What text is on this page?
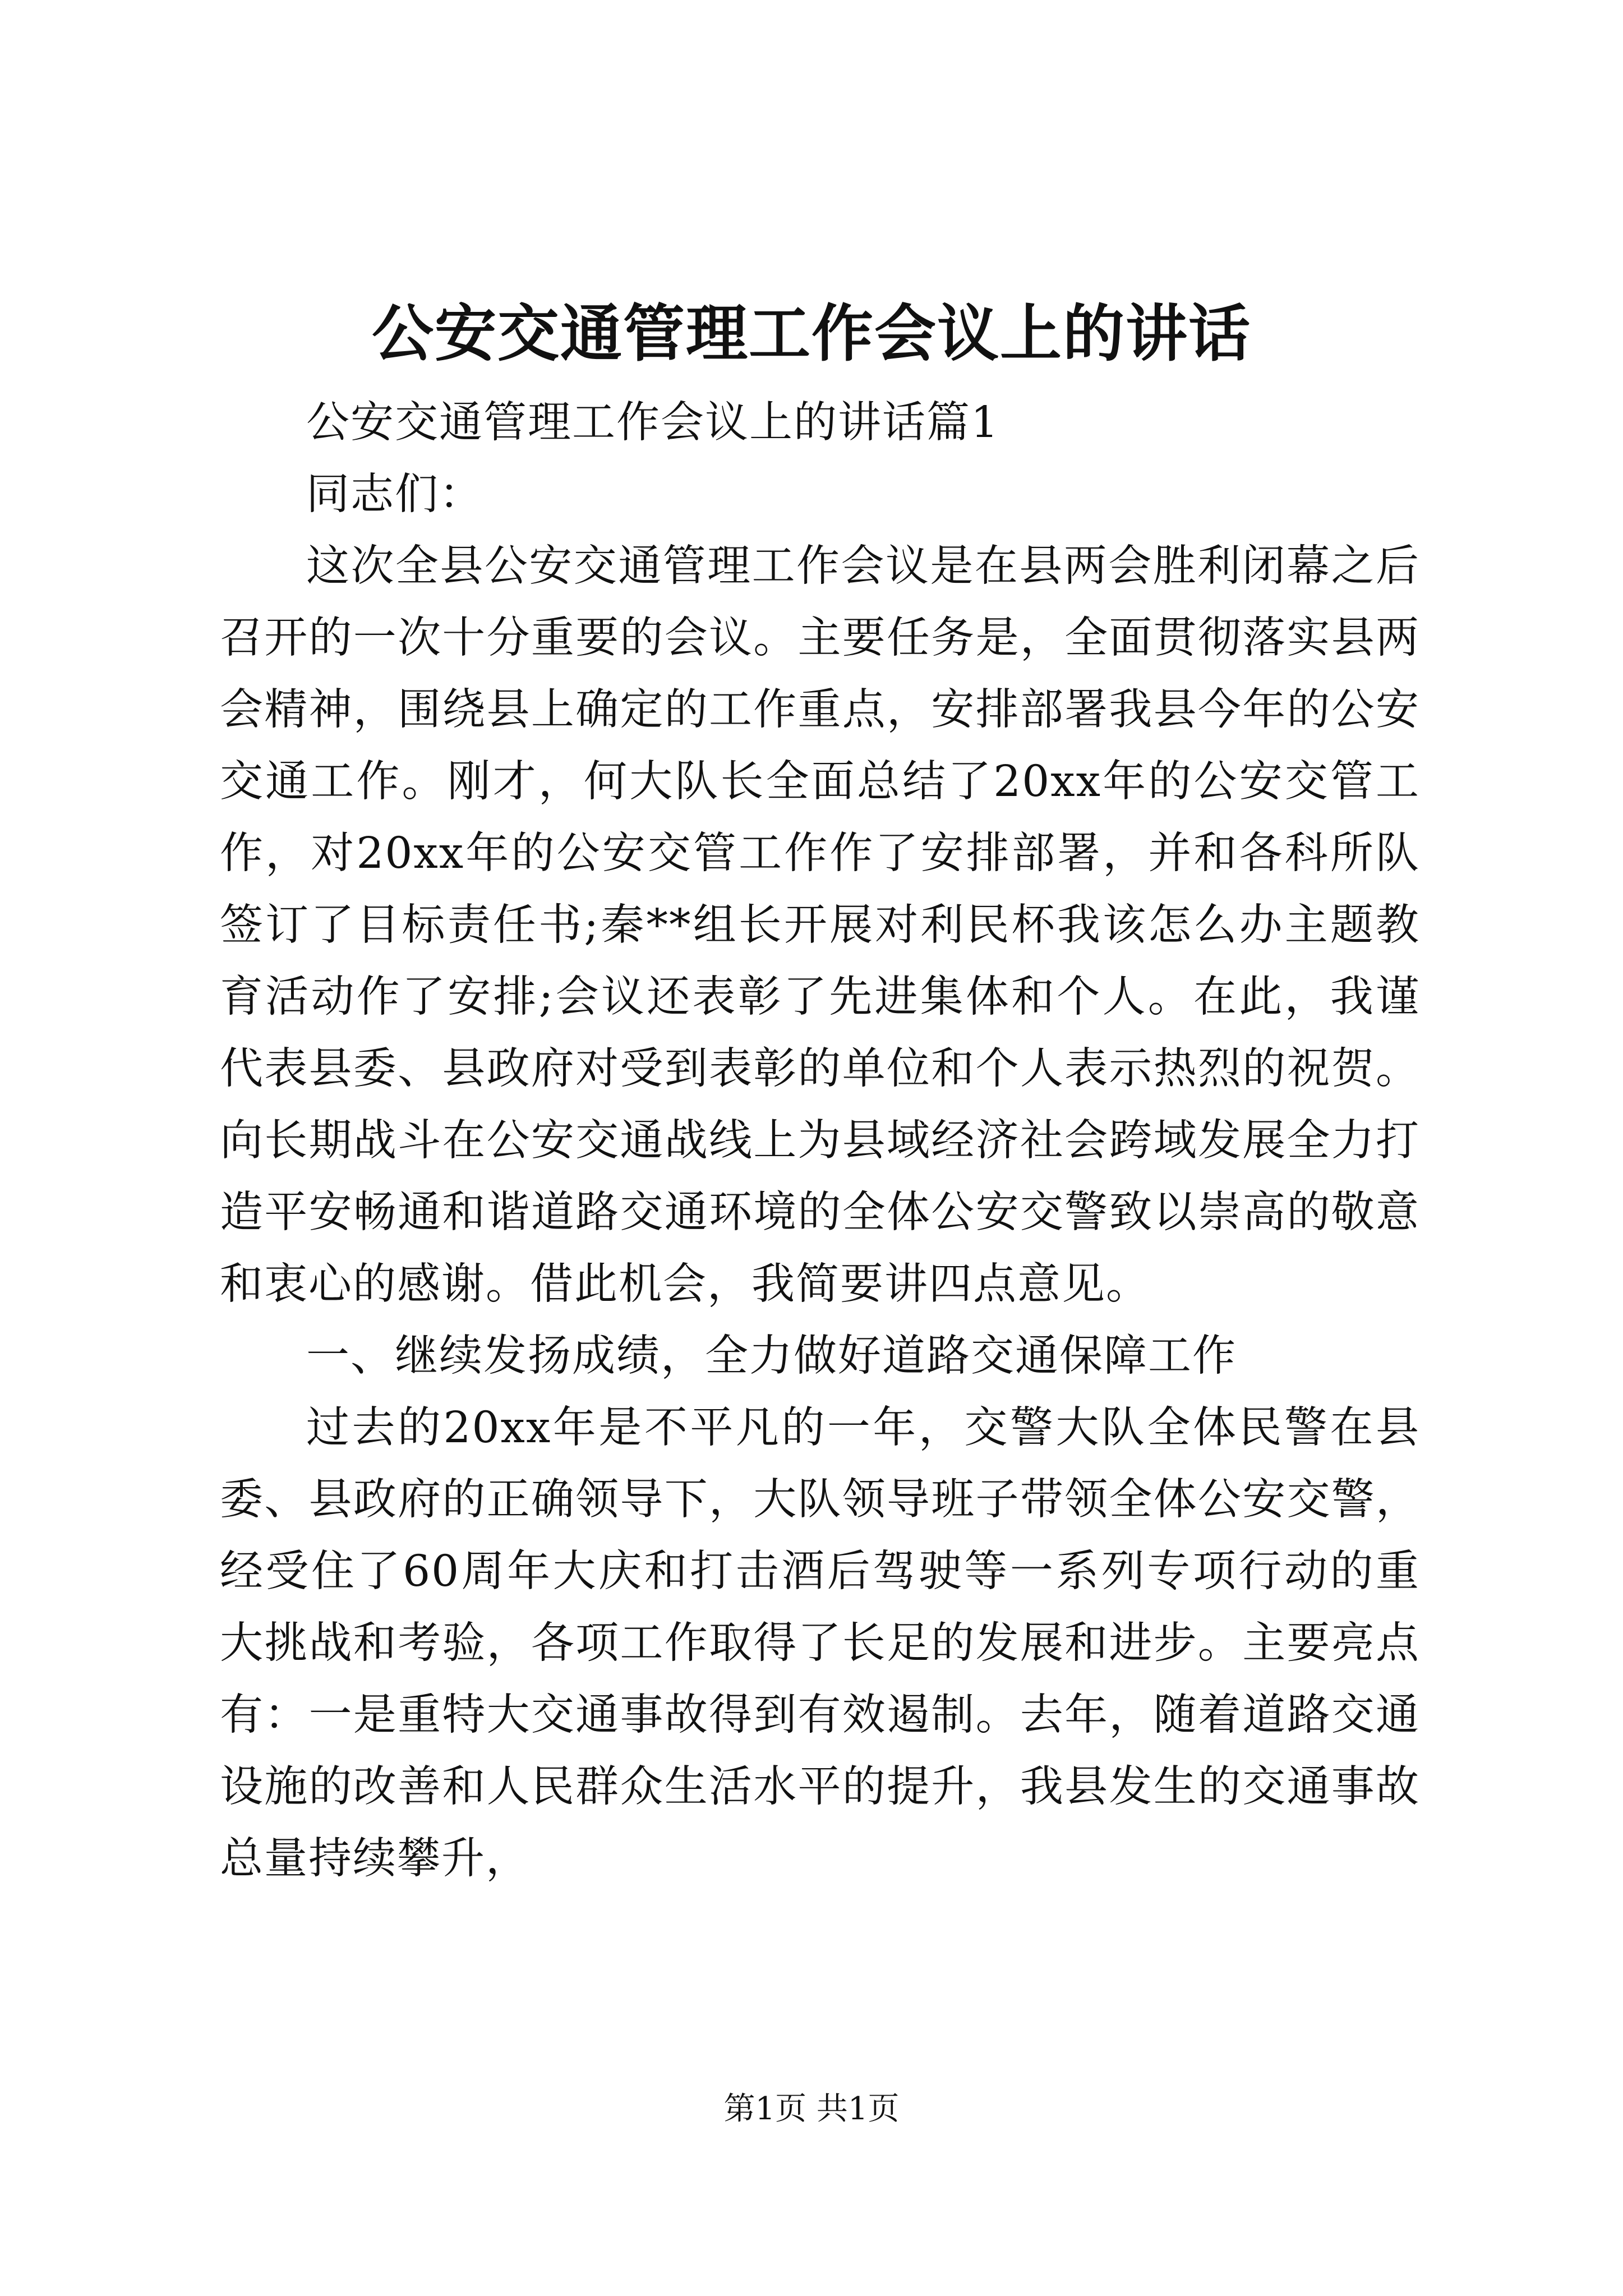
公安交通管理工作会议上的讲话

公安交通管理工作会议上的讲话篇1

同志们：

这次全县公安交通管理工作会议是在县两会胜利闭幕之后召开的一次十分重要的会议。主要任务是，全面贯彻落实县两会精神，围绕县上确定的工作重点，安排部署我县今年的公安交通工作。刚才，何大队长全面总结了20xx年的公安交管工作，对20xx年的公安交管工作作了安排部署，并和各科所队签订了目标责任书;秦**组长开展对利民杯我该怎么办主题教育活动作了安排;会议还表彰了先进集体和个人。在此，我谨代表县委、县政府对受到表彰的单位和个人表示热烈的祝贺。向长期战斗在公安交通战线上为县域经济社会跨域发展全力打造平安畅通和谐道路交通环境的全体公安交警致以崇高的敬意和衷心的感谢。借此机会，我简要讲四点意见。

一、继续发扬成绩，全力做好道路交通保障工作

过去的20xx年是不平凡的一年，交警大队全体民警在县委、县政府的正确领导下，大队领导班子带领全体公安交警，经受住了60周年大庆和打击酒后驾驶等一系列专项行动的重大挑战和考验，各项工作取得了长足的发展和进步。主要亮点有：一是重特大交通事故得到有效遏制。去年，随着道路交通设施的改善和人民群众生活水平的提升，我县发生的交通事故总量持续攀升，

第1页 共1页
